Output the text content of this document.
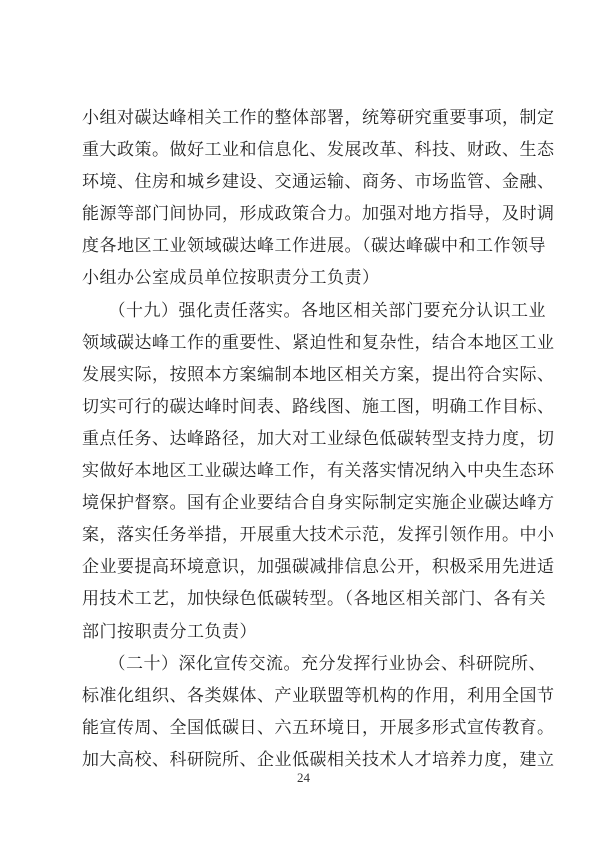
小组对碳达峰相关工作的整体部署，统筹研究重要事项，制定
重大政策。做好工业和信息化、发展改革、科技、财政、生态
环境、住房和城乡建设、交通运输、商务、市场监管、金融、
能源等部门间协同，形成政策合力。加强对地方指导，及时调
度各地区工业领域碳达峰工作进展。（碳达峰碳中和工作领导
小组办公室成员单位按职责分工负责）
　　（十九）强化责任落实。各地区相关部门要充分认识工业
领域碳达峰工作的重要性、紧迫性和复杂性，结合本地区工业
发展实际，按照本方案编制本地区相关方案，提出符合实际、
切实可行的碳达峰时间表、路线图、施工图，明确工作目标、
重点任务、达峰路径，加大对工业绿色低碳转型支持力度，切
实做好本地区工业碳达峰工作，有关落实情况纳入中央生态环
境保护督察。国有企业要结合自身实际制定实施企业碳达峰方
案，落实任务举措，开展重大技术示范，发挥引领作用。中小
企业要提高环境意识，加强碳减排信息公开，积极采用先进适
用技术工艺，加快绿色低碳转型。（各地区相关部门、各有关
部门按职责分工负责）
　　（二十）深化宣传交流。充分发挥行业协会、科研院所、
标准化组织、各类媒体、产业联盟等机构的作用，利用全国节
能宣传周、全国低碳日、六五环境日，开展多形式宣传教育。
加大高校、科研院所、企业低碳相关技术人才培养力度，建立
24
